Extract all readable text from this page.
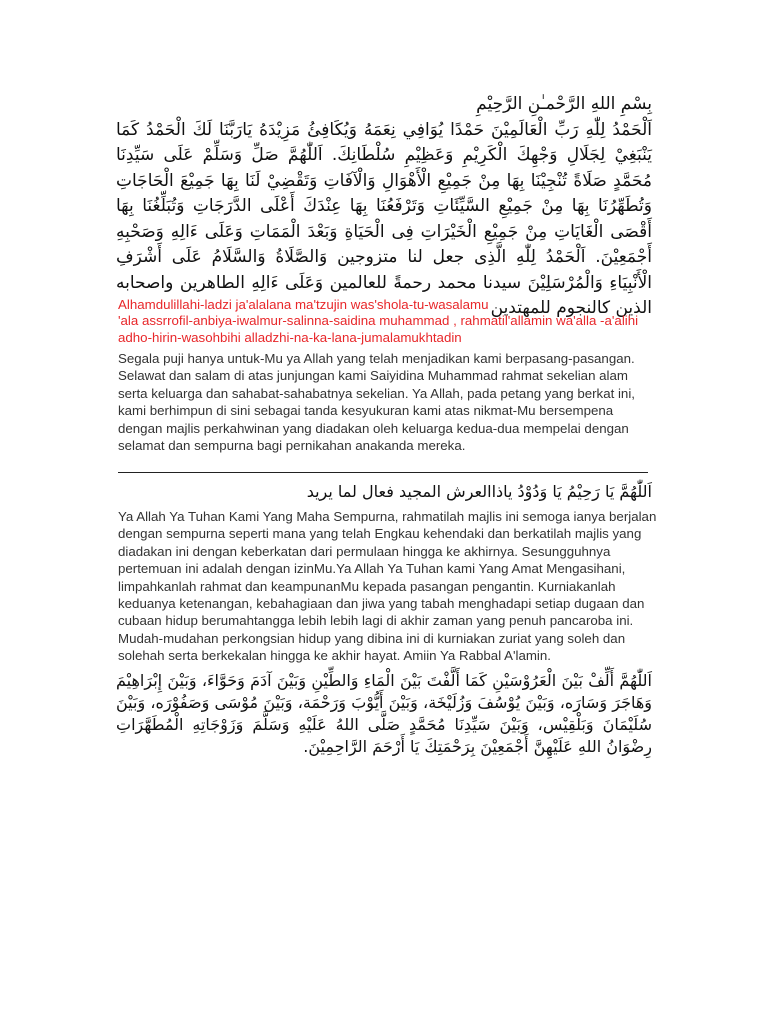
بِسْمِ اللهِ الرَّحْمـٰنِ الرَّحِيْمِ
اَلْحَمْدُ لِلّٰهِ رَبِّ الْعَالَمِيْنَ حَمْدًا يُوَافِي نِعَمَهُ وَيُكَافِئُ مَزِيْدَهُ يَارَبَّنَا لَكَ الْحَمْدُ كَمَا يَنْبَغِيْ لِجَلَالِ وَجْهِكَ الْكَرِيْمِ وَعَظِيْمِ سُلْطَانِكَ. اَللّٰهُمَّ صَلِّ وَسَلِّمْ عَلَى سَيِّدِنَا مُحَمَّدٍ صَلَاةً تُنْجِيْنَا بِهَا مِنْ جَمِيْعِ الْأَهْوَالِ وَالْآفَاتِ وَتَقْضِيْ لَنَا بِهَا جَمِيْعَ الْحَاجَاتِ وَتُطَهِّرُنَا بِهَا مِنْ جَمِيْعِ السَّيِّئَاتِ وَتَرْفَعُنَا بِهَا عِنْدَكَ أَعْلَى الدَّرَجَاتِ وَتُبَلِّغُنَا بِهَا أَقْصَى الْغَايَاتِ مِنْ جَمِيْعِ الْخَيْرَاتِ فِى الْحَيَاةِ وَبَعْدَ الْمَمَاتِ وَعَلَى ءَالِهِ وَصَحْبِهِ أَجْمَعِيْنَ. اَلْحَمْدُ لِلّٰهِ الَّذِى جعل لنا متزوجين وَالصَّلَاةُ وَالسَّلَامُ عَلَى أَشْرَفِ الْأَنْبِيَاءِ وَالْمُرْسَلِيْنَ سيدنا محمد رحمةً للعالمين وَعَلَى ءَالِهِ الطاهرين واصحابه الذين كالنجوم للمهتدين
Alhamdulillahi-ladzi ja'alalana ma'tzujin was'shola-tu-wasalamu
'ala assrrofil-anbiya-iwalmur-salinna-saidina muhammad , rahmatil'allamin wa'alla -a'alihi
adho-hirin-wasohbihi alladzhi-na-ka-lana-jumalamukhtadin
Segala puji hanya untuk-Mu ya Allah yang telah menjadikan kami berpasang-pasangan. Selawat dan salam di atas junjungan kami Saiyidina Muhammad rahmat sekelian alam serta keluarga dan sahabat-sahabatnya sekelian. Ya Allah, pada petang yang berkat ini, kami berhimpun di sini sebagai tanda kesyukuran kami atas nikmat-Mu bersempena dengan majlis perkahwinan yang diadakan oleh keluarga kedua-dua mempelai dengan selamat dan sempurna bagi pernikahan anakanda mereka.
اَللّٰهُمَّ يَا رَحِيْمُ يَا وَدُوْدُ ياذاالعرش المجيد فعال لما يريد
Ya Allah Ya Tuhan Kami Yang Maha Sempurna, rahmatilah majlis ini semoga ianya berjalan dengan sempurna seperti mana yang telah Engkau kehendaki dan berkatilah majlis yang diadakan ini dengan keberkatan dari permulaan hingga ke akhirnya. Sesungguhnya pertemuan ini adalah dengan izinMu.Ya Allah Ya Tuhan kami Yang Amat Mengasihani, limpahkanlah rahmat dan keampunanMu kepada pasangan pengantin. Kurniakanlah keduanya ketenangan, kebahagiaan dan jiwa yang tabah menghadapi setiap dugaan dan cubaan hidup berumahtangga lebih lebih lagi di akhir zaman yang penuh pancaroba ini. Mudah-mudahan perkongsian hidup yang dibina ini di kurniakan zuriat yang soleh dan solehah serta berkekalan hingga ke akhir hayat. Amiin Ya Rabbal A'lamin.
اَللّٰهُمَّ أَلِّفْ بَيْنَ الْعَرُوْسَيْنِ كَمَا أَلَّفْتَ بَيْنَ الْمَاءِ وَالطِّيْنِ وَبَيْنَ آدَمَ وَحَوَّاءَ، وَبَيْنَ إِبْرَاهِيْمَ وَهَاجَرَ وَسَارَه، وَبَيْنَ يُوْسُفَ وَزُلَيْخَة، وَبَيْنَ أَيُّوْبَ وَرَحْمَة، وَبَيْنَ مُوْسَى وَصَفُوْرَه، وَبَيْنَ سُلَيْمَانَ وَبَلْقِيْس، وَبَيْنَ سَيِّدِنَا مُحَمَّدٍ صَلَّى اللهُ عَلَيْهِ وَسَلَّمَ وَزَوْجَاتِهِ الْمُطَهَّرَاتِ رِضْوَانُ اللهِ عَلَيْهِنَّ أَجْمَعِيْنَ بِرَحْمَتِكَ يَا أَرْحَمَ الرَّاحِمِيْنَ.
